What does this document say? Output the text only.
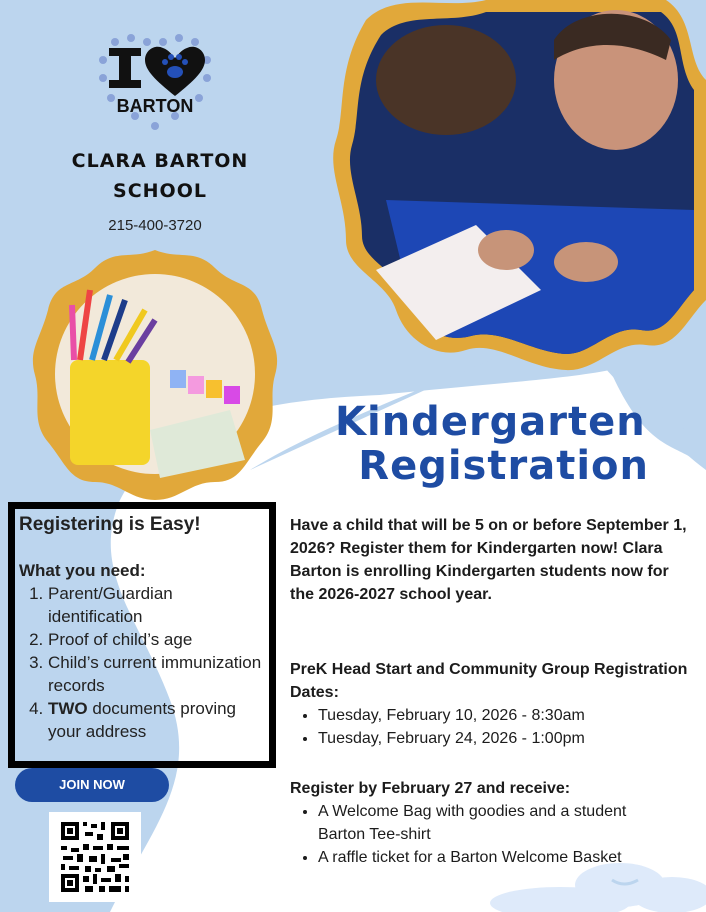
BARTON
CLARA BARTON
SCHOOL
215-400-3720
Kindergarten
Registration
Registering is Easy!
What you need:
1. Parent/Guardian identification
2. Proof of child’s age
3. Child’s current immunization records
4. TWO documents proving your address
JOIN NOW
Have a child that will be 5 on or before September 1, 2026? Register them for Kindergarten now! Clara Barton is enrolling Kindergarten students now for the 2026-2027 school year.
PreK Head Start and Community Group Registration Dates:
• Tuesday, February 10, 2026 - 8:30am
• Tuesday, February 24, 2026 - 1:00pm
Register by February 27 and receive:
• A Welcome Bag with goodies and a student Barton Tee-shirt
• A raffle ticket for a Barton Welcome Basket
